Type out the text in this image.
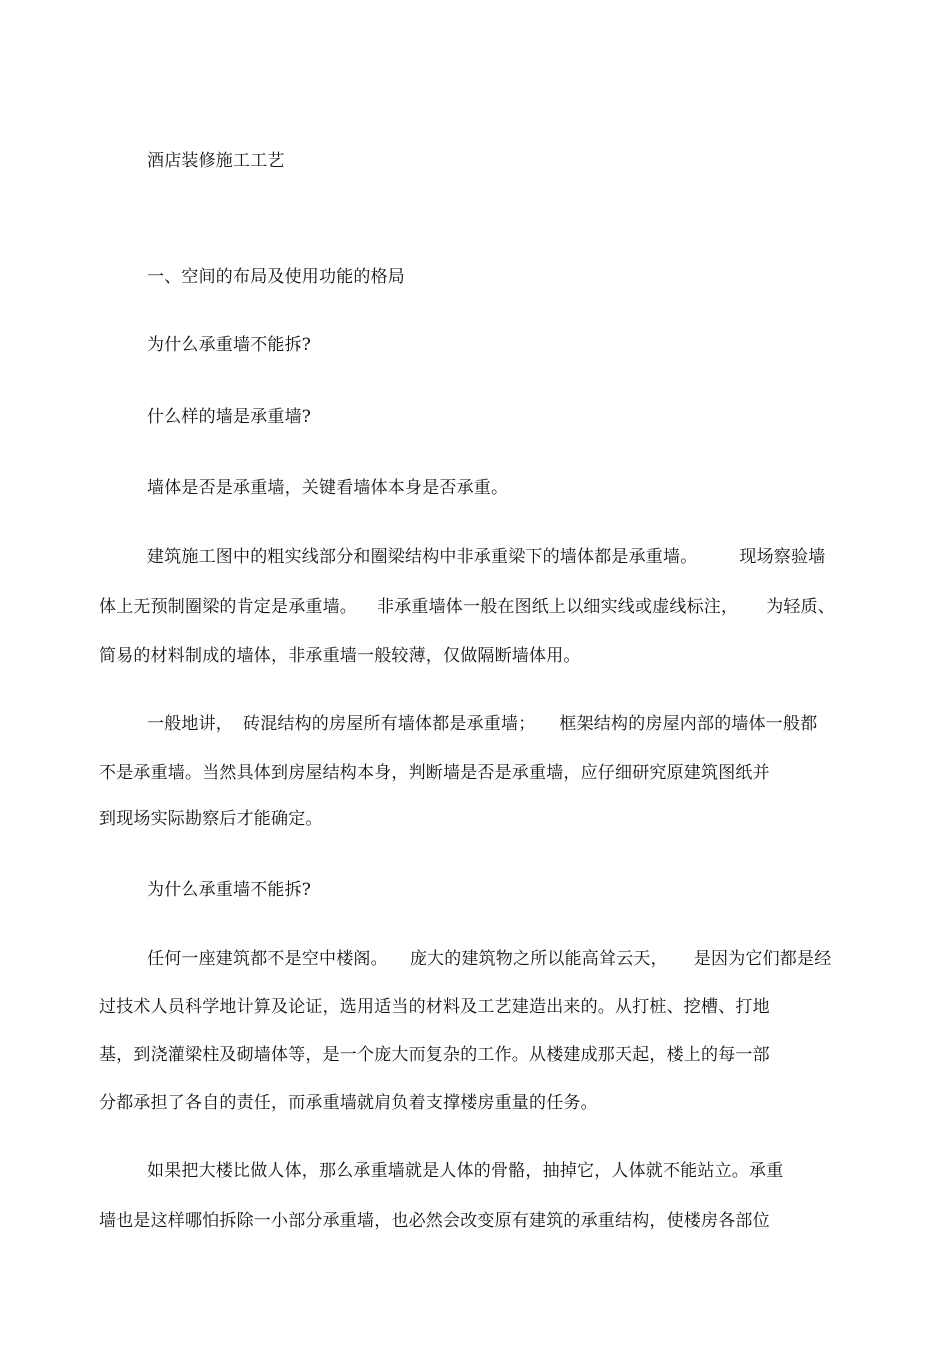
酒店装修施工工艺
一、空间的布局及使用功能的格局
为什么承重墙不能拆?
什么样的墙是承重墙?
墙体是否是承重墙，关键看墙体本身是否承重。
建筑施工图中的粗实线部分和圈梁结构中非承重梁下的墙体都是承重墙。 现场察验墙
体上无预制圈梁的肯定是承重墙。 非承重墙体一般在图纸上以细实线或虚线标注， 为轻质、
简易的材料制成的墙体，非承重墙一般较薄，仅做隔断墙体用。
一般地讲， 砖混结构的房屋所有墙体都是承重墙； 框架结构的房屋内部的墙体一般都
不是承重墙。当然具体到房屋结构本身，判断墙是否是承重墙，应仔细研究原建筑图纸并
到现场实际勘察后才能确定。
为什么承重墙不能拆?
任何一座建筑都不是空中楼阁。 庞大的建筑物之所以能高耸云天， 是因为它们都是经
过技术人员科学地计算及论证，选用适当的材料及工艺建造出来的。从打桩、挖槽、打地
基，到浇灌梁柱及砌墙体等，是一个庞大而复杂的工作。从楼建成那天起，楼上的每一部
分都承担了各自的责任，而承重墙就肩负着支撑楼房重量的任务。
如果把大楼比做人体，那么承重墙就是人体的骨骼，抽掉它，人体就不能站立。承重
墙也是这样哪怕拆除一小部分承重墙，也必然会改变原有建筑的承重结构，使楼房各部位
